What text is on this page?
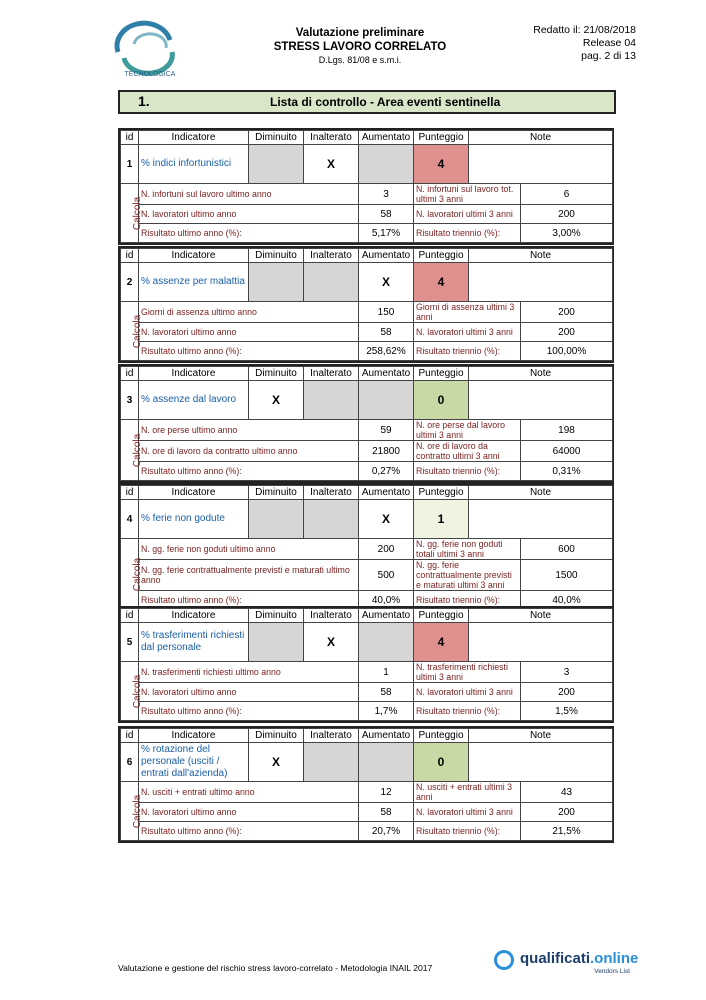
TECNOLOGICA
Valutazione preliminare
STRESS LAVORO CORRELATO
D.Lgs. 81/08 e s.m.i.
Redatto il: 21/08/2018
Release 04
pag. 2 di 13
1.	Lista di controllo - Area eventi sentinella
id	Indicatore	Diminuito	Inalterato	Aumentato	Punteggio	Note	
1	% indici infortunistici		X		4		
Calcola	N. infortuni sul lavoro ultimo anno			3	N. infortuni sul lavoro tot. ultimi 3 anni		6
	N. lavoratori ultimo anno			58	N. lavoratori ultimi 3 anni		200
	Risultato ultimo anno (%):			5,17%	Risultato triennio (%):		3,00%
id	Indicatore	Diminuito	Inalterato	Aumentato	Punteggio	Note	
2	% assenze per malattia			X	4		
Calcola	Giorni di assenza ultimo anno			150	Giorni di assenza ultimi 3 anni		200
	N. lavoratori ultimo anno			58	N. lavoratori ultimi 3 anni		200
	Risultato ultimo anno (%):			258,62%	Risultato triennio (%):		100,00%
id	Indicatore	Diminuito	Inalterato	Aumentato	Punteggio	Note	
3	% assenze dal lavoro	X			0		
Calcola	N. ore perse ultimo anno			59	N. ore perse dal lavoro ultimi 3 anni		198
	N. ore di lavoro da contratto ultimo anno			21800	N. ore di lavoro da contratto ultimi 3 anni		64000
	Risultato ultimo anno (%):			0,27%	Risultato triennio (%):		0,31%
id	Indicatore	Diminuito	Inalterato	Aumentato	Punteggio	Note	
4	% ferie non godute			X	1		
Calcola	N. gg. ferie non goduti ultimo anno			200	N. gg. ferie non goduti totali ultimi 3 anni		600
	N. gg. ferie contrattualmente previsti e maturati ultimo anno			500	N. gg. ferie contrattualmente previsti e maturati ultimi 3 anni		1500
	Risultato ultimo anno (%):			40,0%	Risultato triennio (%):		40,0%
id	Indicatore	Diminuito	Inalterato	Aumentato	Punteggio	Note	
5	% trasferimenti richiesti dal personale		X		4		
Calcola	N. trasferimenti richiesti ultimo anno			1	N. trasferimenti richiesti ultimi 3 anni		3
	N. lavoratori ultimo anno			58	N. lavoratori ultimi 3 anni		200
	Risultato ultimo anno (%):			1,7%	Risultato triennio (%):		1,5%
id	Indicatore	Diminuito	Inalterato	Aumentato	Punteggio	Note	
6	% rotazione del personale (usciti / entrati dall'azienda)	X			0		
Calcola	N. usciti + entrati ultimo anno			12	N. usciti + entrati ultimi 3 anni		43
	N. lavoratori ultimo anno			58	N. lavoratori ultimi 3 anni		200
	Risultato ultimo anno (%):			20,7%	Risultato triennio (%):		21,5%
Valutazione e gestione del rischio stress lavoro-correlato - Metodologia INAIL 2017
qualificati.online
Vendors List
